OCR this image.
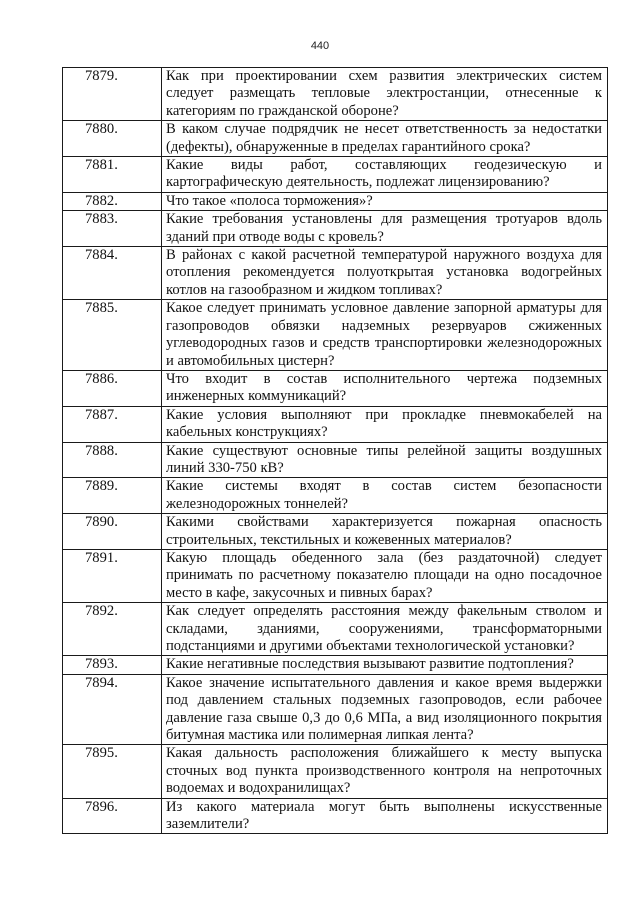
440
7879.	Как при проектировании схем развития электрических систем следует размещать тепловые электростанции, отнесенные к категориям по гражданской обороне?
7880.	В каком случае подрядчик не несет ответственность за недостатки (дефекты), обнаруженные в пределах гарантийного срока?
7881.	Какие виды работ, составляющих геодезическую и картографическую деятельность, подлежат лицензированию?
7882.	Что такое «полоса торможения»?
7883.	Какие требования установлены для размещения тротуаров вдоль зданий при отводе воды с кровель?
7884.	В районах с какой расчетной температурой наружного воздуха для отопления рекомендуется полуоткрытая установка водогрейных котлов на газообразном и жидком топливах?
7885.	Какое следует принимать условное давление запорной арматуры для газопроводов обвязки надземных резервуаров сжиженных углеводородных газов и средств транспортировки железнодорожных и автомобильных цистерн?
7886.	Что входит в состав исполнительного чертежа подземных инженерных коммуникаций?
7887.	Какие условия выполняют при прокладке пневмокабелей на кабельных конструкциях?
7888.	Какие существуют основные типы релейной защиты воздушных линий 330-750 кВ?
7889.	Какие системы входят в состав систем безопасности железнодорожных тоннелей?
7890.	Какими свойствами характеризуется пожарная опасность строительных, текстильных и кожевенных материалов?
7891.	Какую площадь обеденного зала (без раздаточной) следует принимать по расчетному показателю площади на одно посадочное место в кафе, закусочных и пивных барах?
7892.	Как следует определять расстояния между факельным стволом и складами, зданиями, сооружениями, трансформаторными подстанциями и другими объектами технологической установки?
7893.	Какие негативные последствия вызывают развитие подтопления?
7894.	Какое значение испытательного давления и какое время выдержки под давлением стальных подземных газопроводов, если рабочее давление газа свыше 0,3 до 0,6 МПа, а вид изоляционного покрытия битумная мастика или полимерная липкая лента?
7895.	Какая дальность расположения ближайшего к месту выпуска сточных вод пункта производственного контроля на непроточных водоемах и водохранилищах?
7896.	Из какого материала могут быть выполнены искусственные заземлители?
